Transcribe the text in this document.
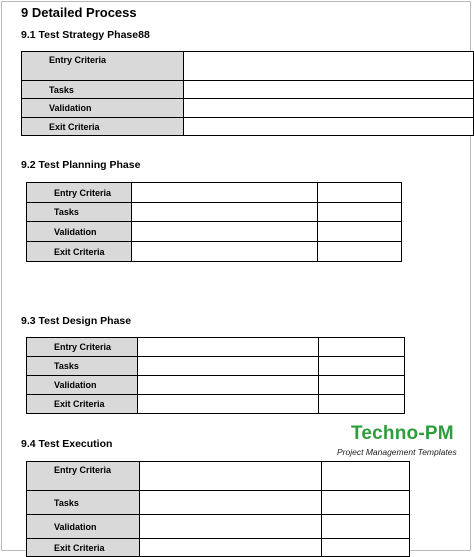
9 Detailed Process
9.1 Test Strategy Phase88
Entry Criteria	
Tasks	
Validation	
Exit Criteria	
9.2 Test Planning Phase
Entry Criteria		
Tasks		
Validation		
Exit Criteria		
9.3 Test Design Phase
Entry Criteria		
Tasks		
Validation		
Exit Criteria		
9.4 Test Execution
Entry Criteria		
Tasks		
Validation		
Exit Criteria		
Techno-PM
Project Management Templates
